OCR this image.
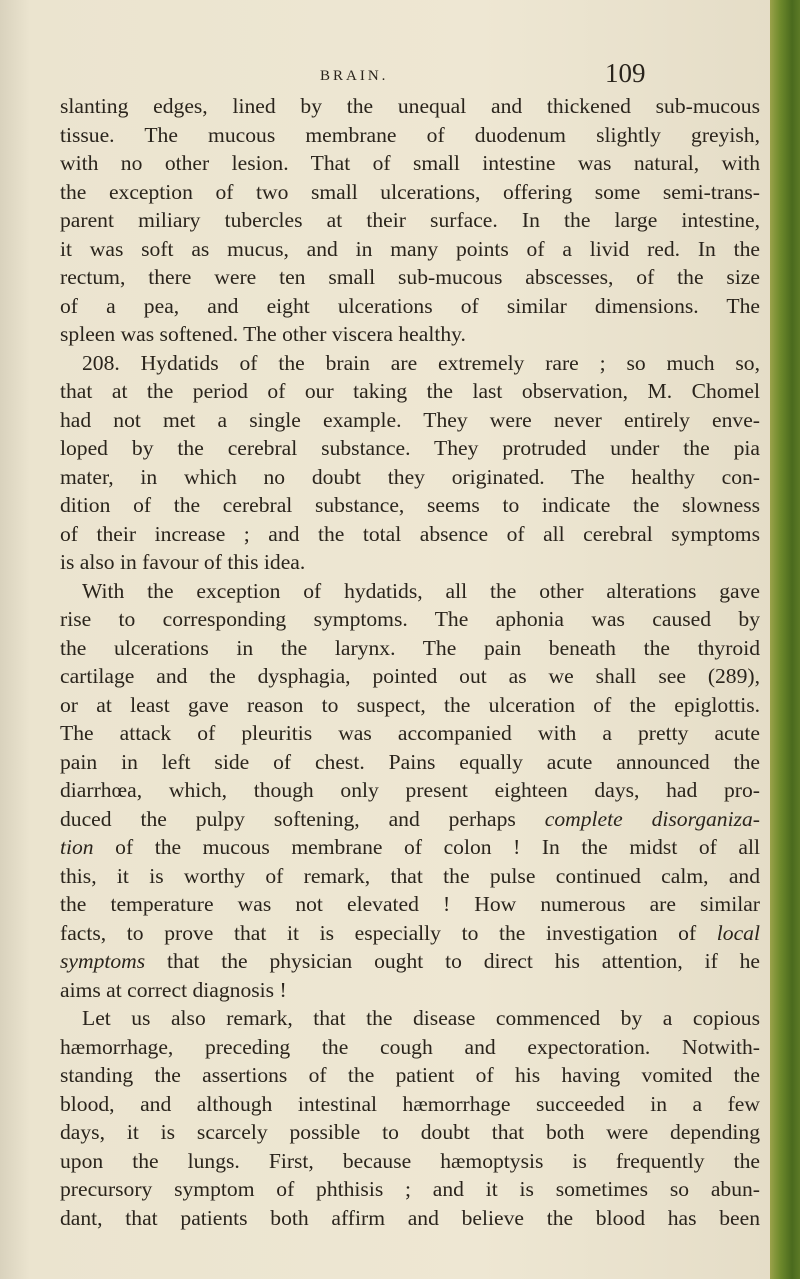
BRAIN.	109
slanting edges, lined by the unequal and thickened sub-mucous
tissue. The mucous membrane of duodenum slightly greyish,
with no other lesion. That of small intestine was natural, with
the exception of two small ulcerations, offering some semi-trans-
parent miliary tubercles at their surface. In the large intestine,
it was soft as mucus, and in many points of a livid red. In the
rectum, there were ten small sub-mucous abscesses, of the size
of a pea, and eight ulcerations of similar dimensions. The
spleen was softened. The other viscera healthy.
208. Hydatids of the brain are extremely rare ; so much so,
that at the period of our taking the last observation, M. Chomel
had not met a single example. They were never entirely enve-
loped by the cerebral substance. They protruded under the pia
mater, in which no doubt they originated. The healthy con-
dition of the cerebral substance, seems to indicate the slowness
of their increase ; and the total absence of all cerebral symptoms
is also in favour of this idea.
With the exception of hydatids, all the other alterations gave
rise to corresponding symptoms. The aphonia was caused by
the ulcerations in the larynx. The pain beneath the thyroid
cartilage and the dysphagia, pointed out as we shall see (289),
or at least gave reason to suspect, the ulceration of the epiglottis.
The attack of pleuritis was accompanied with a pretty acute
pain in left side of chest. Pains equally acute announced the
diarrhœa, which, though only present eighteen days, had pro-
duced the pulpy softening, and perhaps complete disorganiza-
tion of the mucous membrane of colon ! In the midst of all
this, it is worthy of remark, that the pulse continued calm, and
the temperature was not elevated ! How numerous are similar
facts, to prove that it is especially to the investigation of local
symptoms that the physician ought to direct his attention, if he
aims at correct diagnosis !
Let us also remark, that the disease commenced by a copious
hæmorrhage, preceding the cough and expectoration. Notwith-
standing the assertions of the patient of his having vomited the
blood, and although intestinal hæmorrhage succeeded in a few
days, it is scarcely possible to doubt that both were depending
upon the lungs. First, because hæmoptysis is frequently the
precursory symptom of phthisis ; and it is sometimes so abun-
dant, that patients both affirm and believe the blood has been
